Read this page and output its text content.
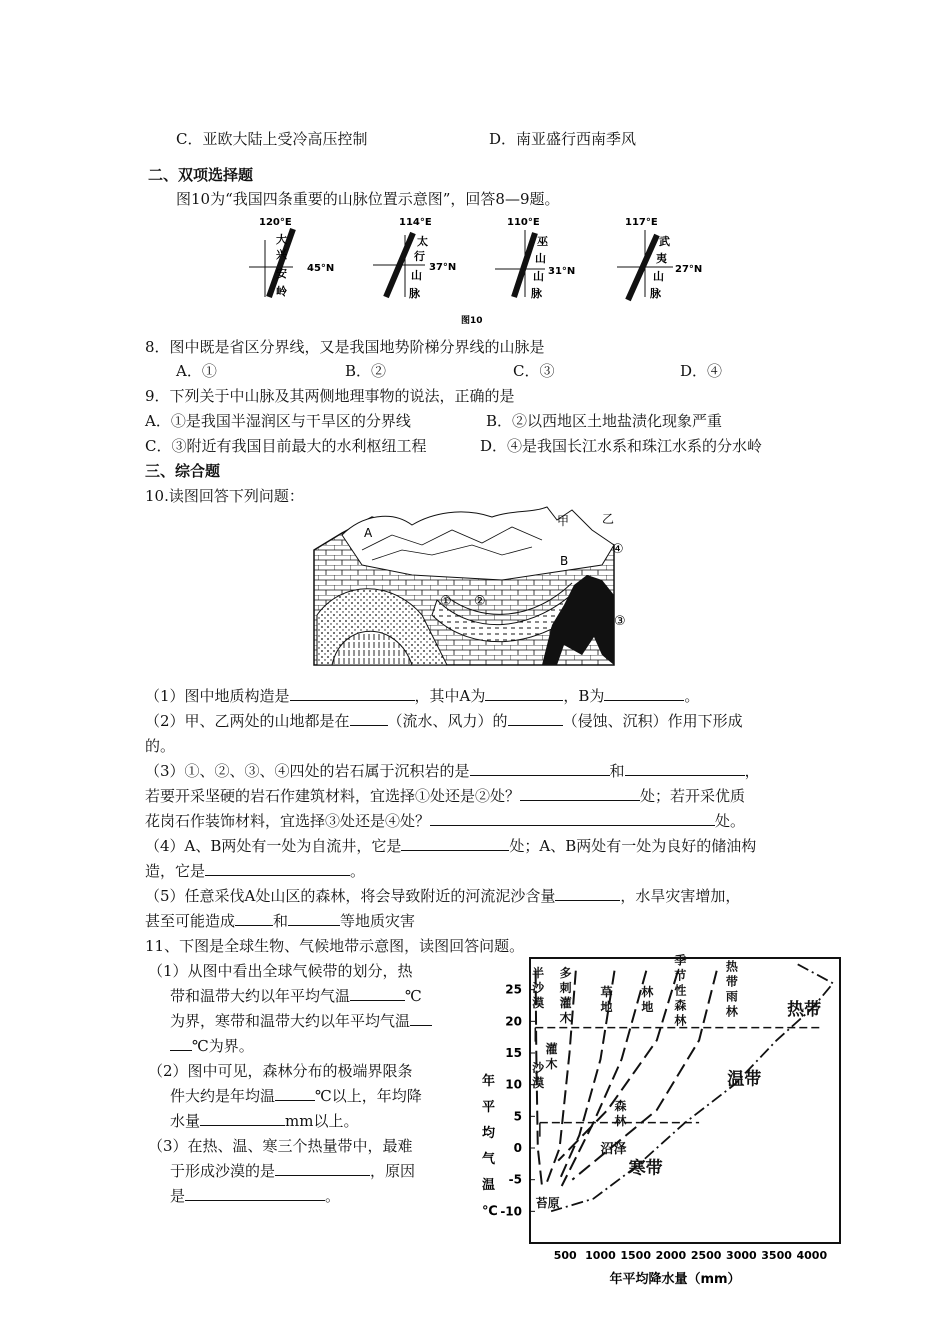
C．亚欧大陆上受冷高压控制	D．南亚盛行西南季风
二、双项选择题
图10为“我国四条重要的山脉位置示意图”，回答8—9题。
120°E
45°N
大
兴
安
岭
114°E
37°N
太
行
山
脉
110°E
31°N
巫
山
山
脉
117°E
27°N
武
夷
山
脉
图10
8．图中既是省区分界线，又是我国地势阶梯分界线的山脉是
A．①	B．②	C．③	D．④
9．下列关于中山脉及其两侧地理事物的说法，正确的是
A．①是我国半湿润区与干旱区的分界线	B．②以西地区土地盐渍化现象严重
C．③附近有我国目前最大的水利枢纽工程	D．④是我国长江水系和珠江水系的分水岭
三、综合题
10.读图回答下列问题：
A
B
甲	乙
① ②
③
④
（1）图中地质构造是	，其中A为	，B为	。
（2）甲、乙两处的山地都是在	（流水、风力）的	（侵蚀、沉积）作用下形成
的。
（3）①、②、③、④四处的岩石属于沉积岩的是	和	，
若要开采坚硬的岩石作建筑材料，宜选择①处还是②处？	处；若开采优质
花岗石作装饰材料，宜选择③处还是④处？	处。
（4）A、B两处有一处为自流井，它是	处；A、B两处有一处为良好的储油构
造，它是	。
（5）任意采伐A处山区的森林，将会导致附近的河流泥沙含量	，水旱灾害增加，
甚至可能造成	和	等地质灾害
11、下图是全球生物、气候地带示意图，读图回答问题。
（1）从图中看出全球气候带的划分，热
带和温带大约以年平均气温	℃
为界，寒带和温带大约以年平均气温
℃为界。
（2）图中可见，森林分布的极端界限条
件大约是年均温	℃以上，年均降
水量	mm以上。
（3）在热、温、寒三个热量带中，最难
于形成沙漠的是	，原因
是	。
25
20
15
10
5
0
-5
-10
500 1000 1500 2000 2500 3000 3500 4000
年平均降水量（mm）
年
平
均
气
温
℃
半
沙
漠
多
刺
灌
木
草
地
林
地
季
节
性
森
林
热
带
雨
林
灌
木
沙
漠
森
林
沼泽
苔原
热带
温带
寒带
